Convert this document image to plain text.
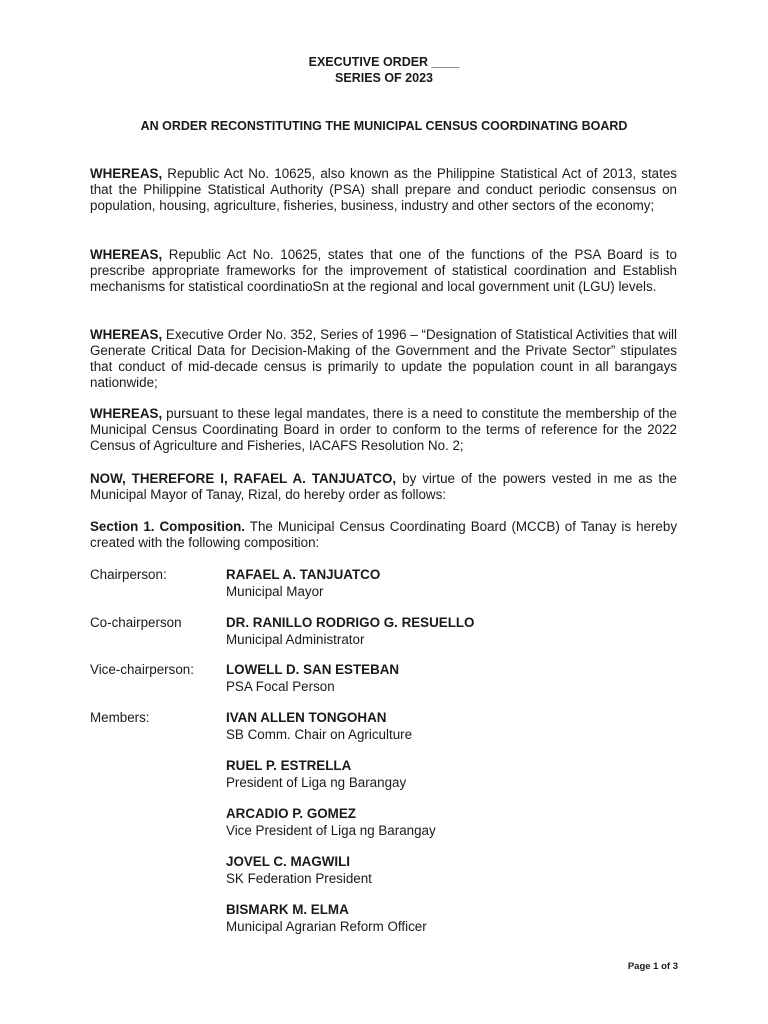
EXECUTIVE ORDER ____
SERIES OF 2023
AN ORDER RECONSTITUTING THE MUNICIPAL CENSUS COORDINATING BOARD

WHEREAS, Republic Act No. 10625, also known as the Philippine Statistical Act of 2013, states that the Philippine Statistical Authority (PSA) shall prepare and conduct periodic consensus on population, housing, agriculture, fisheries, business, industry and other sectors of the economy;

WHEREAS, Republic Act No. 10625, states that one of the functions of the PSA Board is to prescribe appropriate frameworks for the improvement of statistical coordination and Establish mechanisms for statistical coordinatioSn at the regional and local government unit (LGU) levels.

WHEREAS, Executive Order No. 352, Series of 1996 – “Designation of Statistical Activities that will Generate Critical Data for Decision-Making of the Government and the Private Sector” stipulates that conduct of mid-decade census is primarily to update the population count in all barangays nationwide;

WHEREAS, pursuant to these legal mandates, there is a need to constitute the membership of the Municipal Census Coordinating Board in order to conform to the terms of reference for the 2022 Census of Agriculture and Fisheries, IACAFS Resolution No. 2;

NOW, THEREFORE I, RAFAEL A. TANJUATCO, by virtue of the powers vested in me as the Municipal Mayor of Tanay, Rizal, do hereby order as follows:

Section 1. Composition. The Municipal Census Coordinating Board (MCCB) of Tanay is hereby created with the following composition:

Chairperson:	RAFAEL A. TANJUATCO
Municipal Mayor
Co-chairperson	DR. RANILLO RODRIGO G. RESUELLO
Municipal Administrator
Vice-chairperson: LOWELL D. SAN ESTEBAN
PSA Focal Person
Members:	IVAN ALLEN TONGOHAN
SB Comm. Chair on Agriculture
RUEL P. ESTRELLA
President of Liga ng Barangay
ARCADIO P. GOMEZ
Vice President of Liga ng Barangay
JOVEL C. MAGWILI
SK Federation President
BISMARK M. ELMA
Municipal Agrarian Reform Officer
Page 1 of 3
